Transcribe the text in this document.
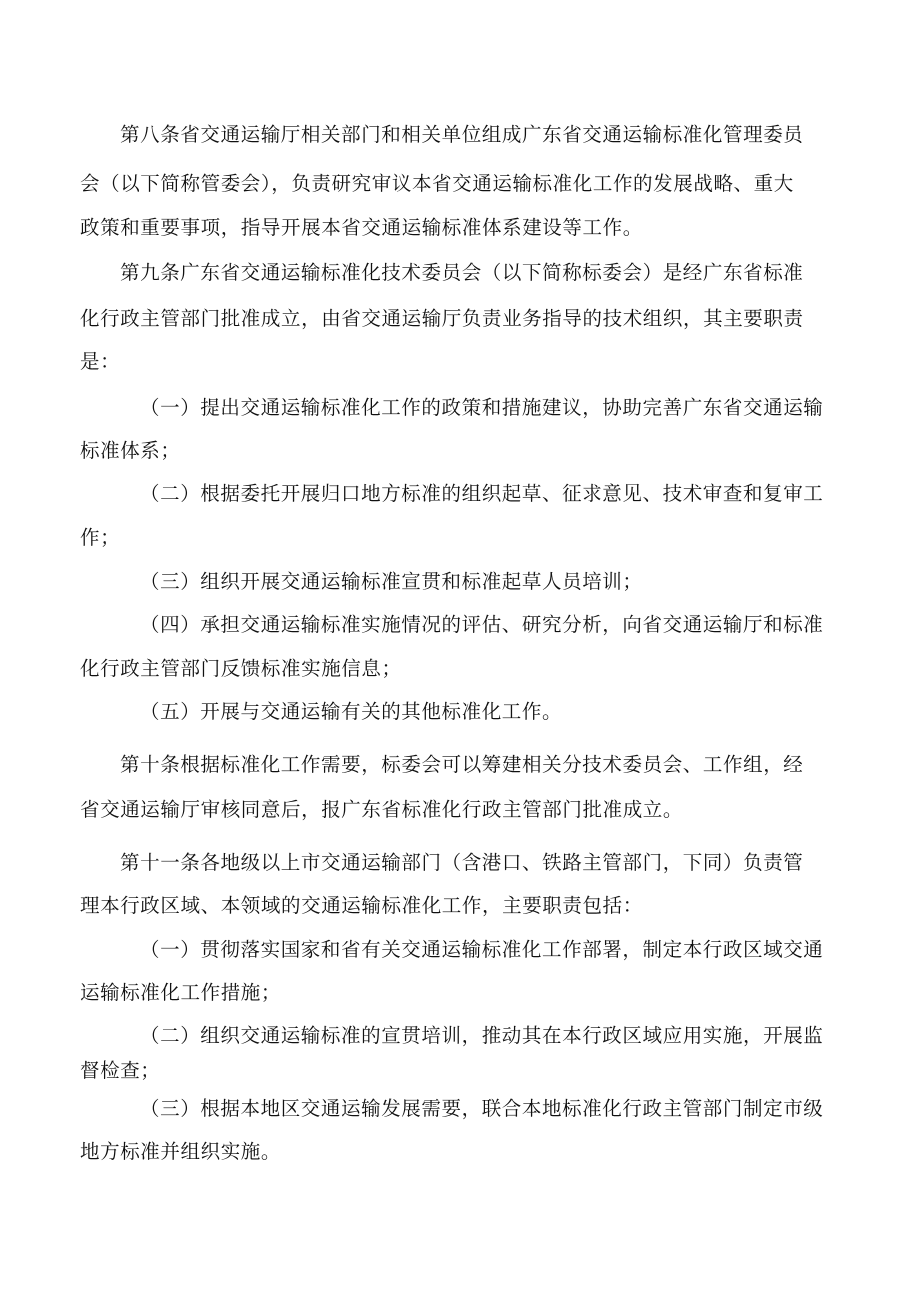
第八条省交通运输厅相关部门和相关单位组成广东省交通运输标准化管理委员
会（以下简称管委会），负责研究审议本省交通运输标准化工作的发展战略、重大
政策和重要事项，指导开展本省交通运输标准体系建设等工作。
第九条广东省交通运输标准化技术委员会（以下简称标委会）是经广东省标准
化行政主管部门批准成立，由省交通运输厅负责业务指导的技术组织，其主要职责
是：
（一）提出交通运输标准化工作的政策和措施建议，协助完善广东省交通运输
标准体系；
（二）根据委托开展归口地方标准的组织起草、征求意见、技术审查和复审工
作；
（三）组织开展交通运输标准宣贯和标准起草人员培训；
（四）承担交通运输标准实施情况的评估、研究分析，向省交通运输厅和标准
化行政主管部门反馈标准实施信息；
（五）开展与交通运输有关的其他标准化工作。
第十条根据标准化工作需要，标委会可以筹建相关分技术委员会、工作组，经
省交通运输厅审核同意后，报广东省标准化行政主管部门批准成立。
第十一条各地级以上市交通运输部门（含港口、铁路主管部门，下同）负责管
理本行政区域、本领域的交通运输标准化工作，主要职责包括：
（一）贯彻落实国家和省有关交通运输标准化工作部署，制定本行政区域交通
运输标准化工作措施；
（二）组织交通运输标准的宣贯培训，推动其在本行政区域应用实施，开展监
督检查；
（三）根据本地区交通运输发展需要，联合本地标准化行政主管部门制定市级
地方标准并组织实施。
